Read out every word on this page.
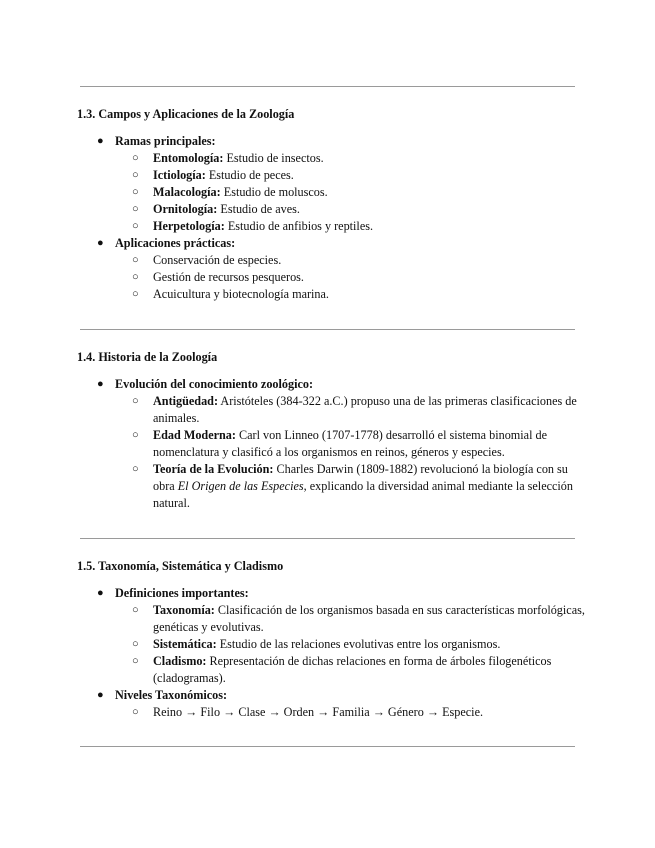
1.3. Campos y Aplicaciones de la Zoología
● Ramas principales:
○ Entomología: Estudio de insectos.
○ Ictiología: Estudio de peces.
○ Malacología: Estudio de moluscos.
○ Ornitología: Estudio de aves.
○ Herpetología: Estudio de anfibios y reptiles.
● Aplicaciones prácticas:
○ Conservación de especies.
○ Gestión de recursos pesqueros.
○ Acuicultura y biotecnología marina.
1.4. Historia de la Zoología
● Evolución del conocimiento zoológico:
○ Antigüedad: Aristóteles (384-322 a.C.) propuso una de las primeras clasificaciones de animales.
○ Edad Moderna: Carl von Linneo (1707-1778) desarrolló el sistema binomial de nomenclatura y clasificó a los organismos en reinos, géneros y especies.
○ Teoría de la Evolución: Charles Darwin (1809-1882) revolucionó la biología con su obra El Origen de las Especies, explicando la diversidad animal mediante la selección natural.
1.5. Taxonomía, Sistemática y Cladismo
● Definiciones importantes:
○ Taxonomía: Clasificación de los organismos basada en sus características morfológicas, genéticas y evolutivas.
○ Sistemática: Estudio de las relaciones evolutivas entre los organismos.
○ Cladismo: Representación de dichas relaciones en forma de árboles filogenéticos (cladogramas).
● Niveles Taxonómicos:
○ Reino → Filo → Clase → Orden → Familia → Género → Especie.
